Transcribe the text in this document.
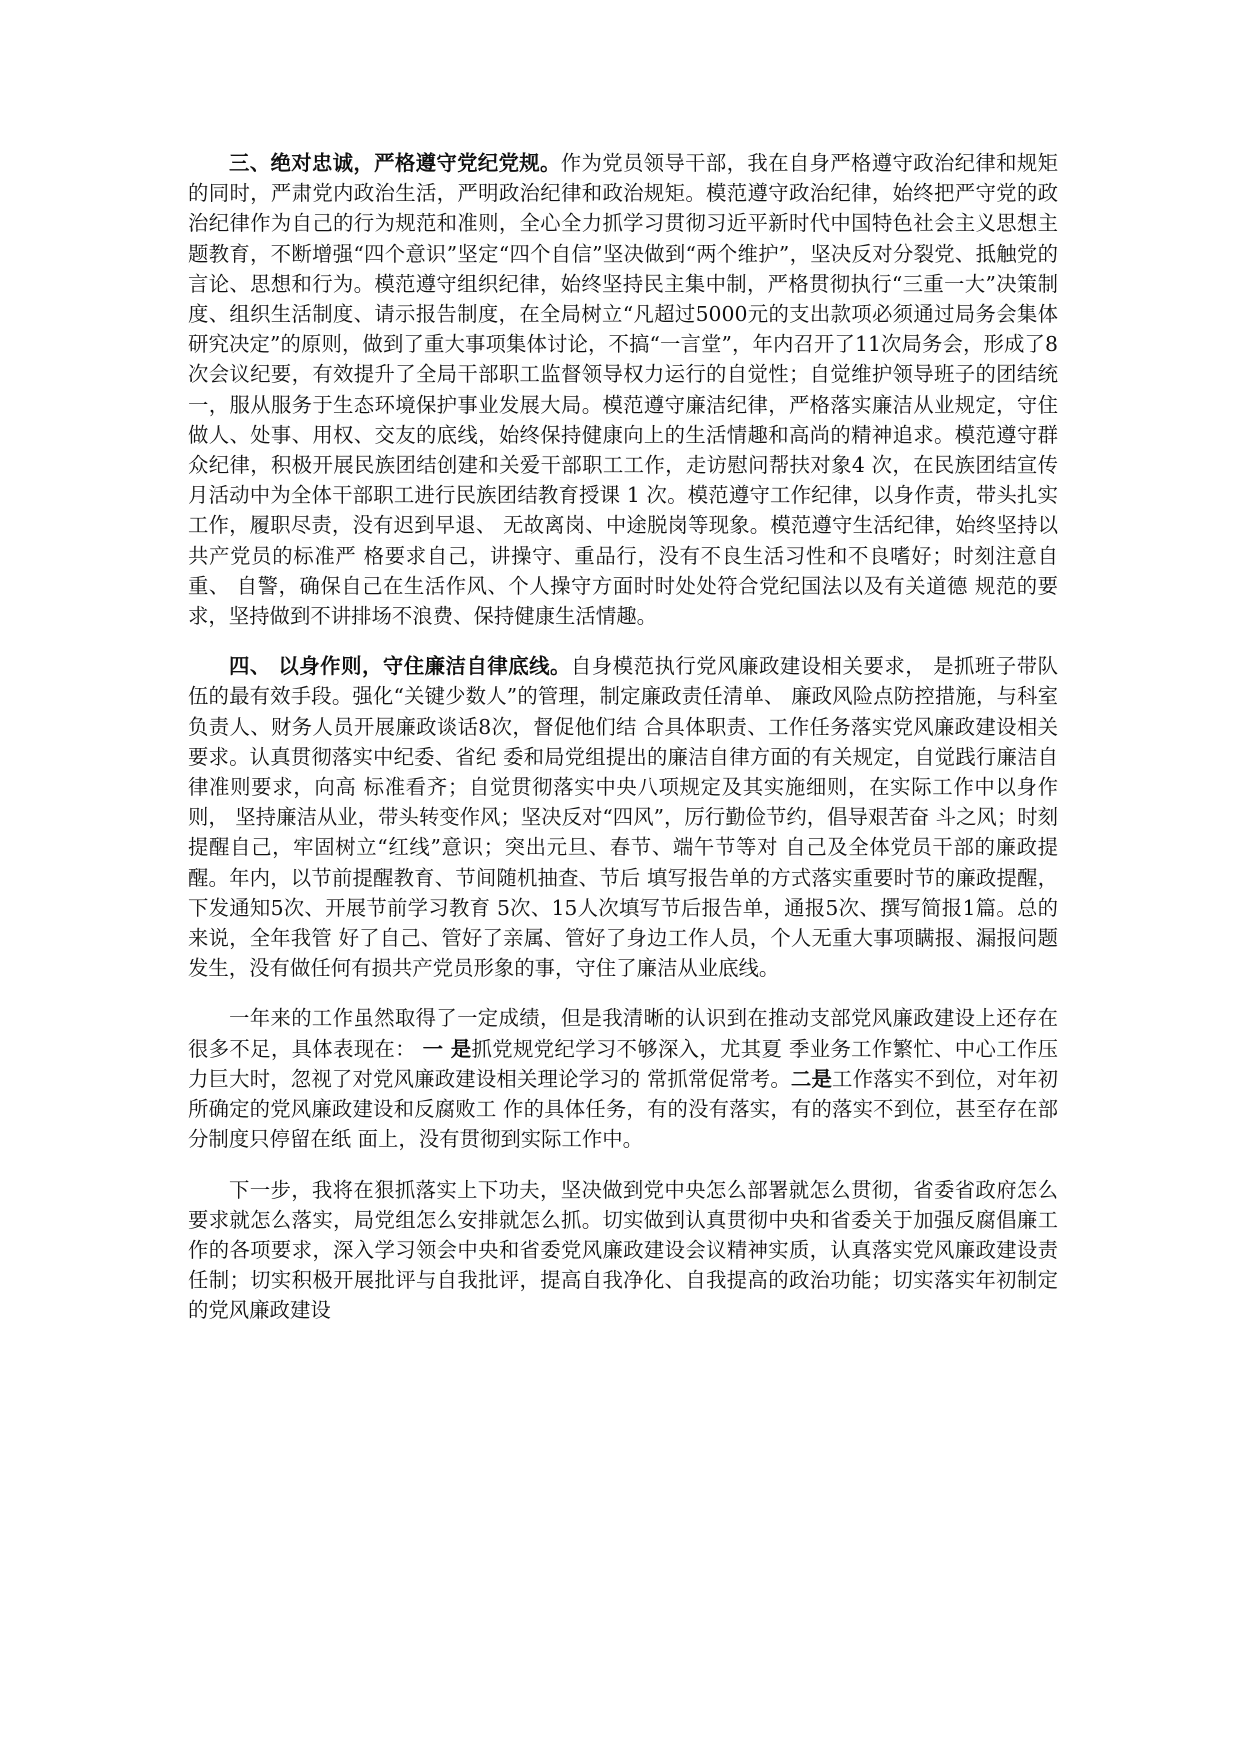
三、绝对忠诚，严格遵守党纪党规。作为党员领导干部，我在自身严格遵守政治纪律和规矩的同时，严肃党内政治生活，严明政治纪律和政治规矩。模范遵守政治纪律，始终把严守党的政治纪律作为自己的行为规范和准则，全心全力抓学习贯彻习近平新时代中国特色社会主义思想主题教育，不断增强“四个意识”坚定“四个自信”坚决做到“两个维护”，坚决反对分裂党、抵触党的言论、思想和行为。模范遵守组织纪律，始终坚持民主集中制，严格贯彻执行“三重一大”决策制度、组织生活制度、请示报告制度，在全局树立“凡超过5000元的支出款项必须通过局务会集体研究决定”的原则，做到了重大事项集体讨论，不搞“一言堂”，年内召开了11次局务会，形成了8次会议纪要，有效提升了全局干部职工监督领导权力运行的自觉性；自觉维护领导班子的团结统一，服从服务于生态环境保护事业发展大局。模范遵守廉洁纪律，严格落实廉洁从业规定，守住做人、处事、用权、交友的底线，始终保持健康向上的生活情趣和高尚的精神追求。模范遵守群众纪律，积极开展民族团结创建和关爱干部职工工作，走访慰问帮扶对象4 次，在民族团结宣传月活动中为全体干部职工进行民族团结教育授课 1 次。模范遵守工作纪律，以身作责，带头扎实工作，履职尽责，没有迟到早退、 无故离岗、中途脱岗等现象。模范遵守生活纪律，始终坚持以共产党员的标准严 格要求自己，讲操守、重品行，没有不良生活习性和不良嗜好；时刻注意自重、 自警，确保自己在生活作风、个人操守方面时时处处符合党纪国法以及有关道德 规范的要求，坚持做到不讲排场不浪费、保持健康生活情趣。

四、 以身作则，守住廉洁自律底线。自身模范执行党风廉政建设相关要求， 是抓班子带队伍的最有效手段。强化“关键少数人”的管理，制定廉政责任清单、 廉政风险点防控措施，与科室负责人、财务人员开展廉政谈话8次，督促他们结 合具体职责、工作任务落实党风廉政建设相关要求。认真贯彻落实中纪委、省纪 委和局党组提出的廉洁自律方面的有关规定，自觉践行廉洁自律准则要求，向高 标准看齐；自觉贯彻落实中央八项规定及其实施细则，在实际工作中以身作则， 坚持廉洁从业，带头转变作风；坚决反对“四风”，厉行勤俭节约，倡导艰苦奋 斗之风；时刻提醒自己，牢固树立“红线”意识；突出元旦、春节、端午节等对 自己及全体党员干部的廉政提醒。年内，以节前提醒教育、节间随机抽查、节后 填写报告单的方式落实重要时节的廉政提醒，下发通知5次、开展节前学习教育 5次、15人次填写节后报告单，通报5次、撰写简报1篇。总的来说，全年我管 好了自己、管好了亲属、管好了身边工作人员，个人无重大事项瞒报、漏报问题 发生，没有做任何有损共产党员形象的事，守住了廉洁从业底线。

一年来的工作虽然取得了一定成绩，但是我清晰的认识到在推动支部党风廉政建设上还存在很多不足，具体表现在： 一 是抓党规党纪学习不够深入，尤其夏 季业务工作繁忙、中心工作压力巨大时，忽视了对党风廉政建设相关理论学习的 常抓常促常考。二是工作落实不到位，对年初所确定的党风廉政建设和反腐败工 作的具体任务，有的没有落实，有的落实不到位，甚至存在部分制度只停留在纸 面上，没有贯彻到实际工作中。

下一步，我将在狠抓落实上下功夫，坚决做到党中央怎么部署就怎么贯彻，省委省政府怎么要求就怎么落实，局党组怎么安排就怎么抓。切实做到认真贯彻中央和省委关于加强反腐倡廉工作的各项要求，深入学习领会中央和省委党风廉政建设会议精神实质，认真落实党风廉政建设责任制；切实积极开展批评与自我批评，提高自我净化、自我提高的政治功能；切实落实年初制定的党风廉政建设
